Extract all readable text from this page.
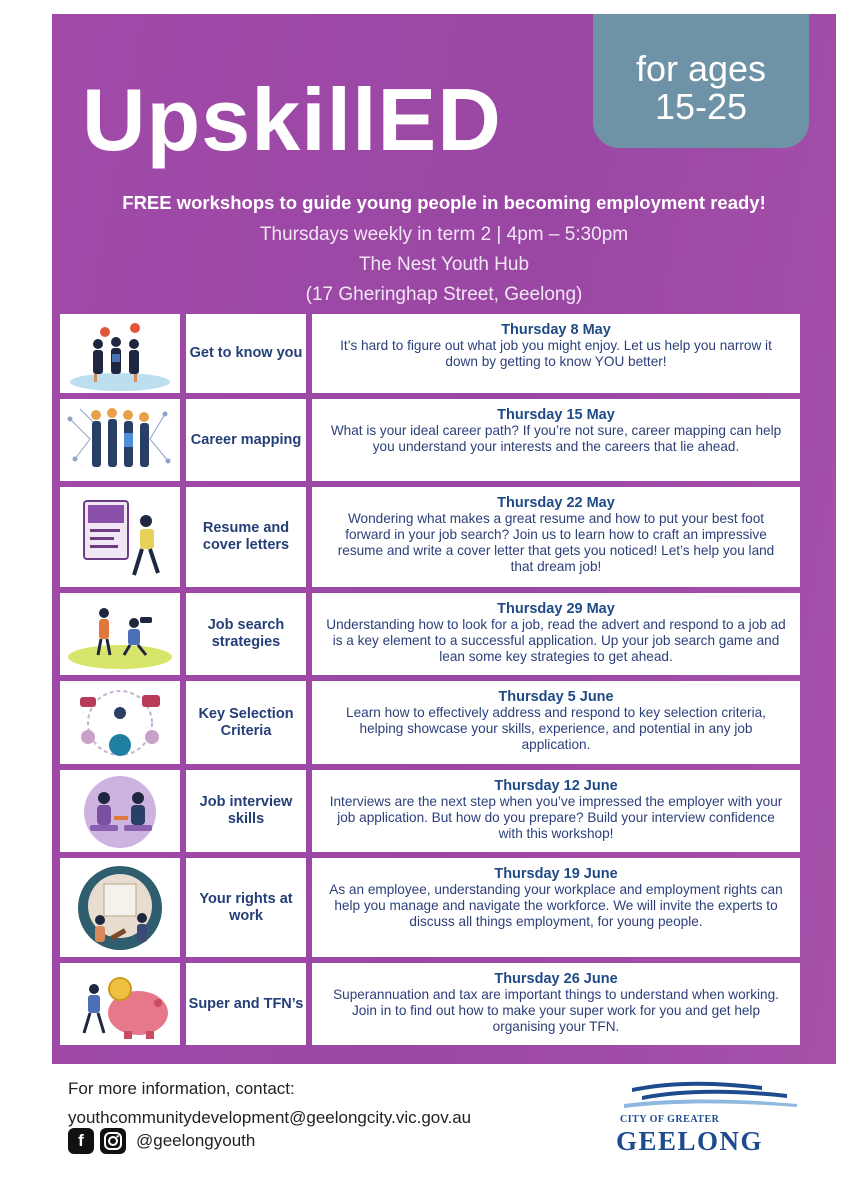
for ages
15-25
UpskillED
FREE workshops to guide young people in becoming employment ready!
Thursdays weekly in term 2 | 4pm – 5:30pm
The Nest Youth Hub
(17 Gheringhap Street, Geelong)
Get to know you
Thursday 8 May
It’s hard to figure out what job you might enjoy. Let us help you narrow it down by getting to know YOU better!
Career mapping
Thursday 15 May
What is your ideal career path? If you’re not sure, career mapping can help you understand your interests and the careers that lie ahead.
Resume and cover letters
Thursday 22 May
Wondering what makes a great resume and how to put your best foot forward in your job search? Join us to learn how to craft an impressive resume and write a cover letter that gets you noticed! Let’s help you land that dream job!
Job search strategies
Thursday 29 May
Understanding how to look for a job, read the advert and respond to a job ad is a key element to a successful application. Up your job search game and lean some key strategies to get ahead.
Key Selection Criteria
Thursday 5 June
Learn how to effectively address and respond to key selection criteria, helping showcase your skills, experience, and potential in any job application.
Job interview skills
Thursday 12 June
Interviews are the next step when you’ve impressed the employer with your job application. But how do you prepare? Build your interview confidence with this workshop!
Your rights at work
Thursday 19 June
As an employee, understanding your workplace and employment rights can help you manage and navigate the workforce. We will invite the experts to discuss all things employment, for young people.
Super and TFN’s
Thursday 26 June
Superannuation and tax are important things to understand when working. Join in to find out how to make your super work for you and get help organising your TFN.
For more information, contact:
youthcommunitydevelopment@geelongcity.vic.gov.au
f	@geelongyouth
CITY OF GREATER
GEELONG
